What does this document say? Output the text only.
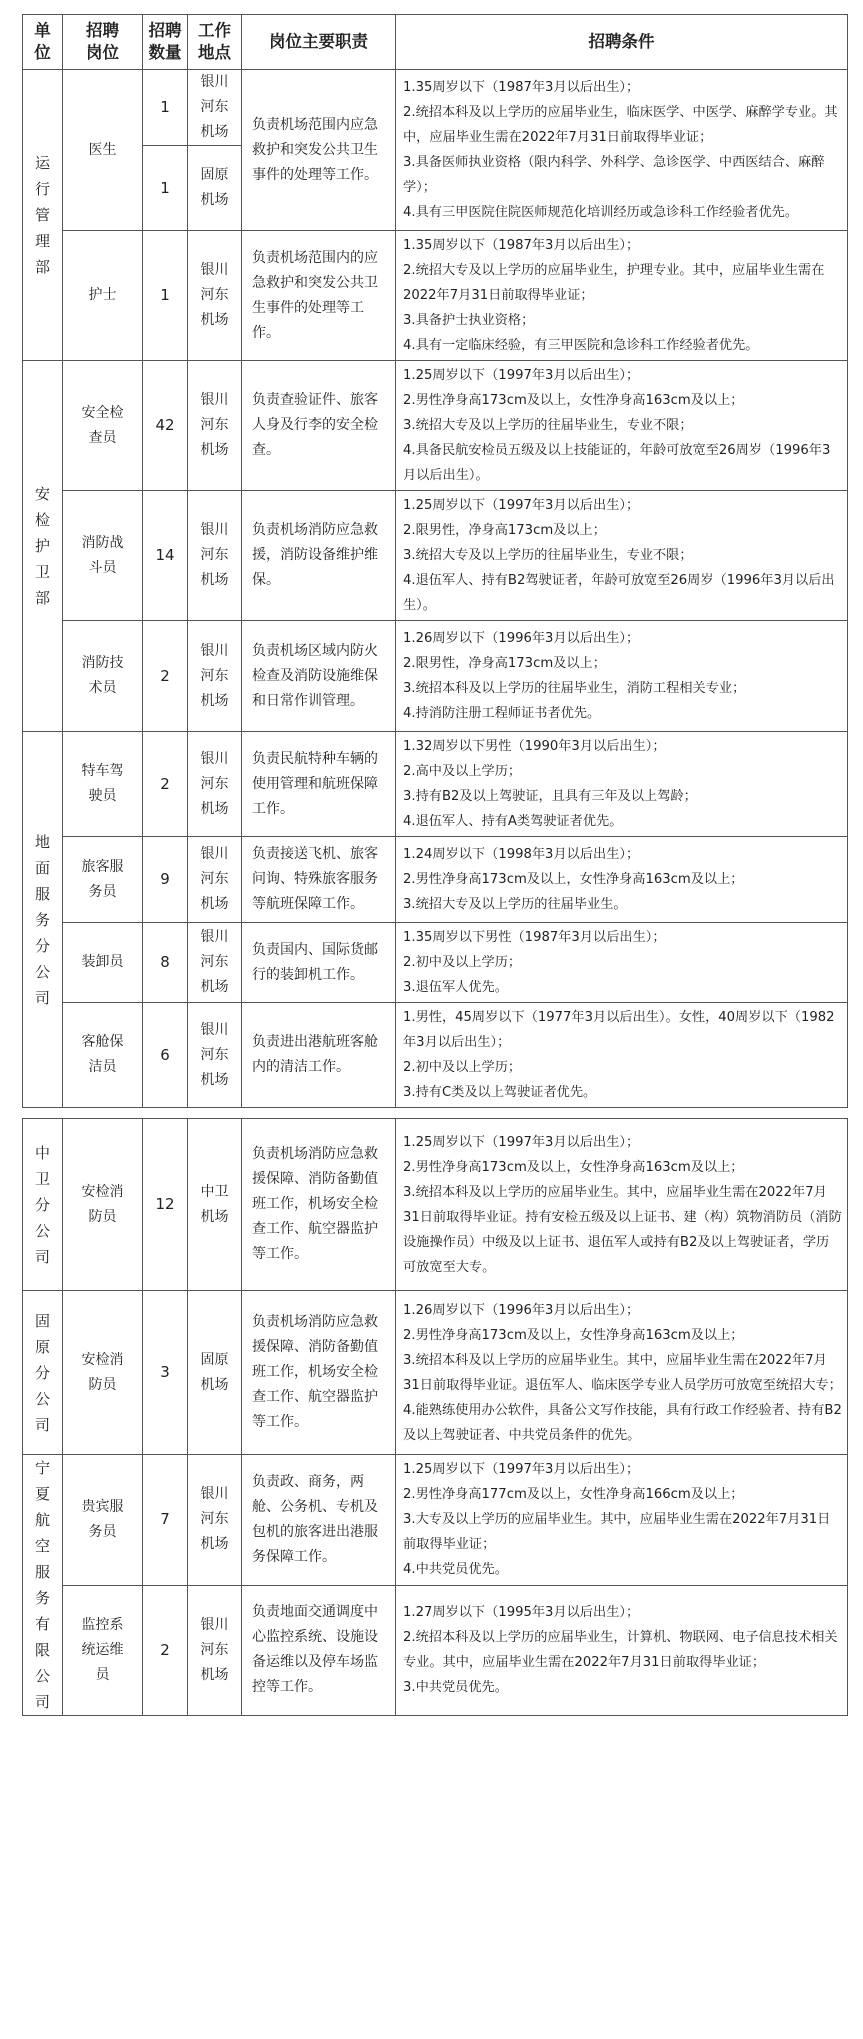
单位	招聘岗位	招聘数量	工作地点	岗位主要职责	招聘条件
运行管理部	医生	1	银川河东机场	负责机场范围内应急救护和突发公共卫生事件的处理等工作。	1.35周岁以下（1987年3月以后出生）；
2.统招本科及以上学历的应届毕业生，临床医学、中医学、麻醉学专业。其中，应届毕业生需在2022年7月31日前取得毕业证；
3.具备医师执业资格（限内科学、外科学、急诊医学、中西医结合、麻醉学）；
4.具有三甲医院住院医师规范化培训经历或急诊科工作经验者优先。

		1	固原机场		
	护士	1	银川河东机场	负责机场范围内的应急救护和突发公共卫生事件的处理等工作。	1.35周岁以下（1987年3月以后出生）；
2.统招大专及以上学历的应届毕业生，护理专业。其中，应届毕业生需在2022年7月31日前取得毕业证；
3.具备护士执业资格；
4.具有一定临床经验，有三甲医院和急诊科工作经验者优先。

安检护卫部	安全检查员	42	银川河东机场	负责查验证件、旅客人身及行李的安全检查。	1.25周岁以下（1997年3月以后出生）；
2.男性净身高173cm及以上，女性净身高163cm及以上；
3.统招大专及以上学历的往届毕业生，专业不限；
4.具备民航安检员五级及以上技能证的，年龄可放宽至26周岁（1996年3月以后出生）。

	消防战斗员	14	银川河东机场	负责机场消防应急救援，消防设备维护维保。	1.25周岁以下（1997年3月以后出生）；
2.限男性，净身高173cm及以上；
3.统招大专及以上学历的往届毕业生，专业不限；
4.退伍军人、持有B2驾驶证者，年龄可放宽至26周岁（1996年3月以后出生）。

	消防技术员	2	银川河东机场	负责机场区域内防火检查及消防设施维保和日常作训管理。	1.26周岁以下（1996年3月以后出生）；
2.限男性，净身高173cm及以上；
3.统招本科及以上学历的往届毕业生，消防工程相关专业；
4.持消防注册工程师证书者优先。

地面服务分公司	特车驾驶员	2	银川河东机场	负责民航特种车辆的使用管理和航班保障工作。	1.32周岁以下男性（1990年3月以后出生）；
2.高中及以上学历；
3.持有B2及以上驾驶证，且具有三年及以上驾龄；
4.退伍军人、持有A类驾驶证者优先。

	旅客服务员	9	银川河东机场	负责接送飞机、旅客问询、特殊旅客服务等航班保障工作。	1.24周岁以下（1998年3月以后出生）；
2.男性净身高173cm及以上，女性净身高163cm及以上；
3.统招大专及以上学历的往届毕业生。

	装卸员	8	银川河东机场	负责国内、国际货邮行的装卸机工作。	1.35周岁以下男性（1987年3月以后出生）；
2.初中及以上学历；
3.退伍军人优先。

	客舱保洁员	6	银川河东机场	负责进出港航班客舱内的清洁工作。	1.男性，45周岁以下（1977年3月以后出生）。女性，40周岁以下（1982年3月以后出生）；
2.初中及以上学历；
3.持有C类及以上驾驶证者优先。

中卫分公司	安检消防员	12	中卫机场	负责机场消防应急救援保障、消防备勤值班工作，机场安全检查工作、航空器监护等工作。	1.25周岁以下（1997年3月以后出生）；
2.男性净身高173cm及以上，女性净身高163cm及以上；
3.统招本科及以上学历的应届毕业生。其中，应届毕业生需在2022年7月31日前取得毕业证。持有安检五级及以上证书、建（构）筑物消防员（消防设施操作员）中级及以上证书、退伍军人或持有B2及以上驾驶证者，学历可放宽至大专。

固原分公司	安检消防员	3	固原机场	负责机场消防应急救援保障、消防备勤值班工作，机场安全检查工作、航空器监护等工作。	1.26周岁以下（1996年3月以后出生）；
2.男性净身高173cm及以上，女性净身高163cm及以上；
3.统招本科及以上学历的应届毕业生。其中，应届毕业生需在2022年7月31日前取得毕业证。退伍军人、临床医学专业人员学历可放宽至统招大专；
4.能熟练使用办公软件，具备公文写作技能，具有行政工作经验者、持有B2及以上驾驶证者、中共党员条件的优先。

宁夏航空服务有限公司	贵宾服务员	7	银川河东机场	负责政、商务，两舱、公务机、专机及包机的旅客进出港服务保障工作。	1.25周岁以下（1997年3月以后出生）；
2.男性净身高177cm及以上，女性净身高166cm及以上；
3.大专及以上学历的应届毕业生。其中，应届毕业生需在2022年7月31日前取得毕业证；
4.中共党员优先。

	监控系统运维员	2	银川河东机场	负责地面交通调度中心监控系统、设施设备运维以及停车场监控等工作。	1.27周岁以下（1995年3月以后出生）；
2.统招本科及以上学历的应届毕业生，计算机、物联网、电子信息技术相关专业。其中，应届毕业生需在2022年7月31日前取得毕业证；
3.中共党员优先。
